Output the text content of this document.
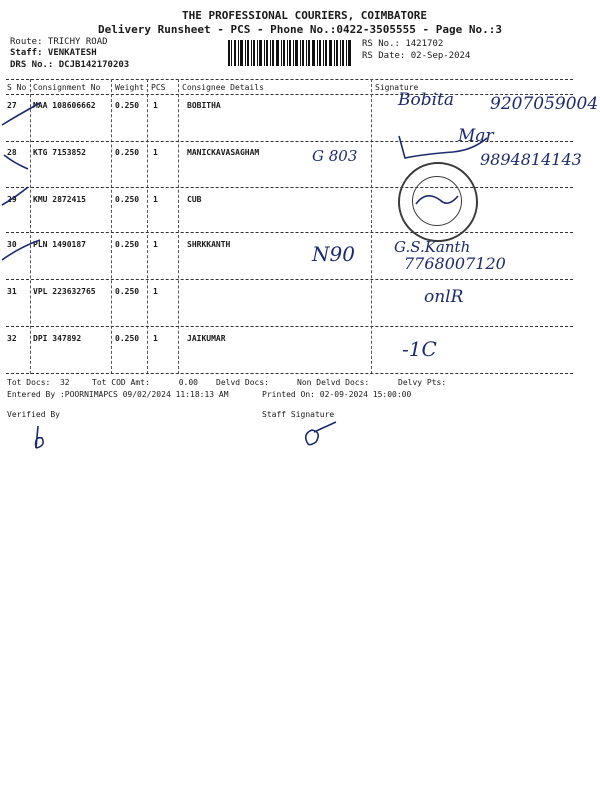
THE PROFESSIONAL COURIERS, COIMBATORE
Delivery Runsheet - PCS - Phone No.:0422-3505555 - Page No.:3
Route: TRICHY ROAD
Staff: VENKATESH
DRS No.: DCJB142170203
RS No.: 1421702
RS Date: 02-Sep-2024
S No Consignment No Weight PCS Consignee Details	Signature
27 MAA 108606662 0.250 1	BOBITHA
28 KTG 7153852	0.250 1	MANICKAVASAGHAM
29 KMU 2872415	0.250 1	CUB
30 PLN 1490187	0.250 1	SHRKKANTH
31 VPL 223632765 0.250 1
32 DPI 347892	0.250 1	JAIKUMAR
Bobita 9207059004
G 803
Mar
9894814143
N90	G.S.Kanth
7768007120
onlR
-1C
Tot Docs:  32	Tot COD Amt:      0.00 Delvd Docs:	Non Delvd Docs:	Delvy Pts:
Entered By :POORNIMAPCS 09/02/2024 11:18:13 AM	Printed On: 02-09-2024 15:00:00
Verified By	Staff Signature
